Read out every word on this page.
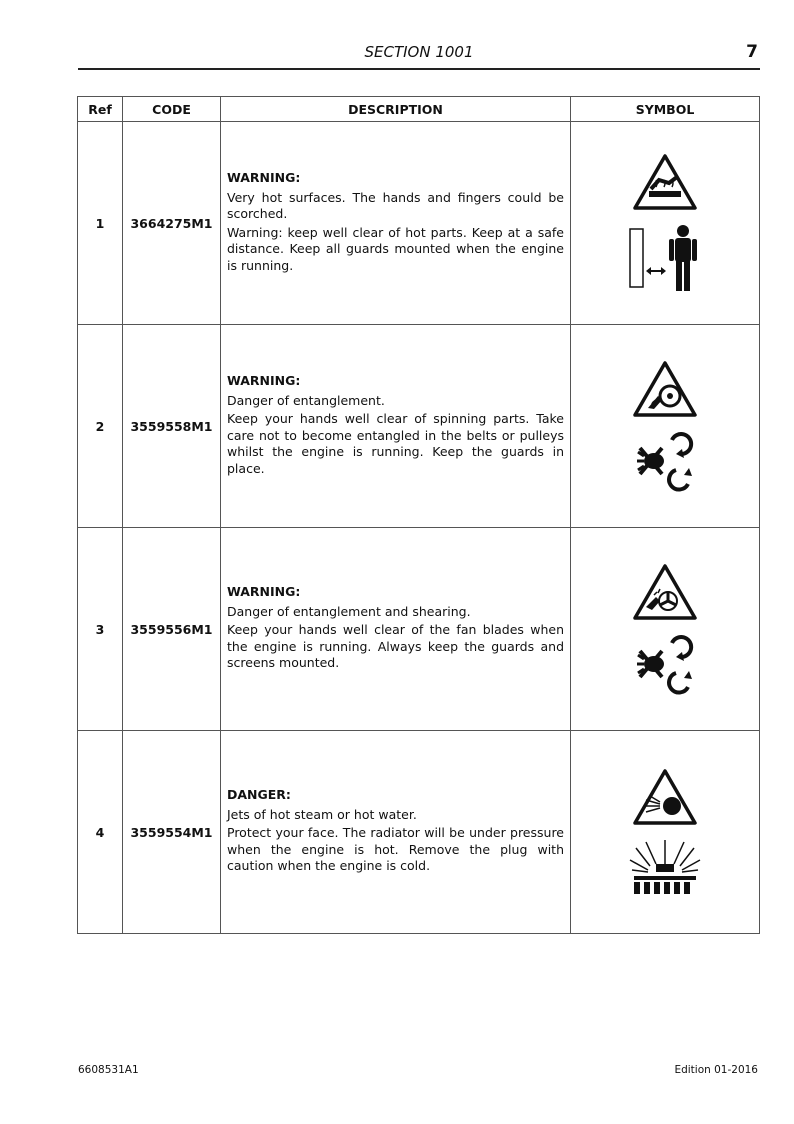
SECTION 1001	7
Ref	CODE	DESCRIPTION	SYMBOL
1	3664275M1	WARNING:

Very hot surfaces. The hands and fingers could be scorched.

Warning: keep well clear of hot parts. Keep at a safe distance. Keep all guards mounted when the engine is running.

2	3559558M1	WARNING:

Danger of entanglement.

Keep your hands well clear of spinning parts. Take care not to become entangled in the belts or pulleys whilst the engine is running. Keep the guards in place.

3	3559556M1	WARNING:

Danger of entanglement and shearing.

Keep your hands well clear of the fan blades when the engine is running. Always keep the guards and screens mounted.

4	3559554M1	DANGER:

Jets of hot steam or hot water.

Protect your face. The radiator will be under pressure when the engine is hot. Remove the plug with caution when the engine is cold.

6608531A1	Edition 01-2016
